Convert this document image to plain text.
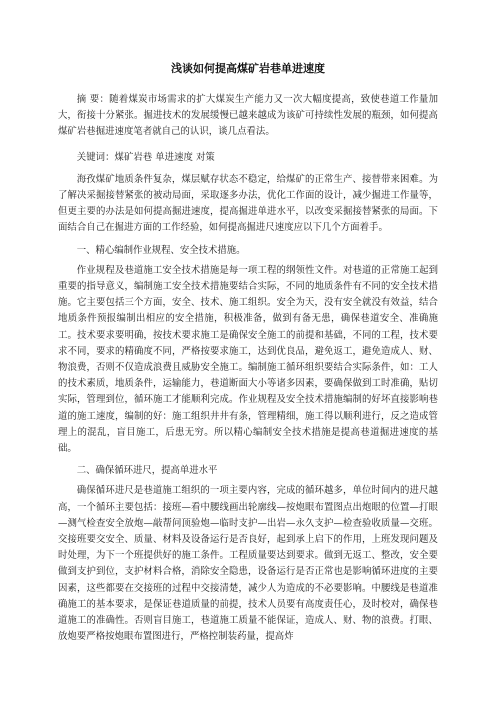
浅谈如何提高煤矿岩巷单进速度

摘 要：随着煤炭市场需求的扩大煤炭生产能力又一次大幅度提高，致使巷道工作量加大，衔接十分紧张。掘进技术的发展缓慢已越来越成为该矿可持续性发展的瓶颈，如何提高煤矿岩巷掘进速度笔者就自己的认识，谈几点看法。

关键词：煤矿岩巷 单进速度 对策

海孜煤矿地质条件复杂，煤层赋存状态不稳定，给煤矿的正常生产、接替带来困难。为了解决采掘接替紧张的被动局面，采取逐多办法，优化工作面的设计，减少掘进工作量等，但更主要的办法是如何提高掘进速度，提高掘进单进水平，以改变采掘接替紧张的局面。下面结合自己在掘进方面的工作经验，如何提高掘进尺速度应以下几个方面着手。

一、精心编制作业规程、安全技术措施。

作业规程及巷道施工安全技术措施是每一项工程的纲领性文件。对巷道的正常施工起到重要的指导意义，编制施工安全技术措施要结合实际，不同的地质条件有不同的安全技术措施。它主要包括三个方面，安全、技术、施工组织。安全为天，没有安全就没有效益，结合地质条件预报编制出相应的安全措施，积极准备，做到有备无患，确保巷道安全、准确施工。技术要求要明确，按技术要求施工是确保安全施工的前提和基础，不同的工程，技术要求不同，要求的精确度不同，严格按要求施工，达到优良品，避免返工，避免造成人、财、物浪费，否则不仅造成浪费且威胁安全施工。编制施工循环组织要结合实际条件，如：工人的技术素质，地质条件，运输能力，巷道断面大小等诸多因素，要确保做到工时准确，贴切实际，管理到位，循环施工才能顺利完成。作业规程及安全技术措施编制的好坏直接影响巷道的施工速度，编制的好：施工组织井井有条，管理精细，施工得以顺利进行，反之造成管理上的混乱，盲目施工，后患无穷。所以精心编制安全技术措施是提高巷道掘进速度的基础。

二、确保循环进尺，提高单进水平

确保循环进尺是巷道施工组织的一项主要内容，完成的循环越多，单位时间内的进尺越高，一个循环主要包括：接班—看中腰线画出轮廓线—按炮眼布置图点出炮眼的位置—打眼—测气检查安全放炮—敲帮问顶验炮—临时支护—出岩—永久支护—检查验收质量—交班。交接班要交安全、质量、材料及设备运行是否良好，起到承上启下的作用，上班发现问题及时处理，为下一个班提供好的施工条件。工程质量要达到要求。做到无返工、整改，安全要做到支护到位，支护材料合格，消除安全隐患，设备运行是否正常也是影响循环进度的主要因素，这些都要在交接班的过程中交接清楚，减少人为造成的不必要影响。中腰线是巷道准确施工的基本要求，是保证巷道质量的前提，技术人员要有高度责任心，及时校对，确保巷道施工的准确性。否则盲目施工，巷道施工质量不能保证，造成人、财、物的浪费。打眼、放炮要严格按炮眼布置图进行，严格控制装药量，提高炸
